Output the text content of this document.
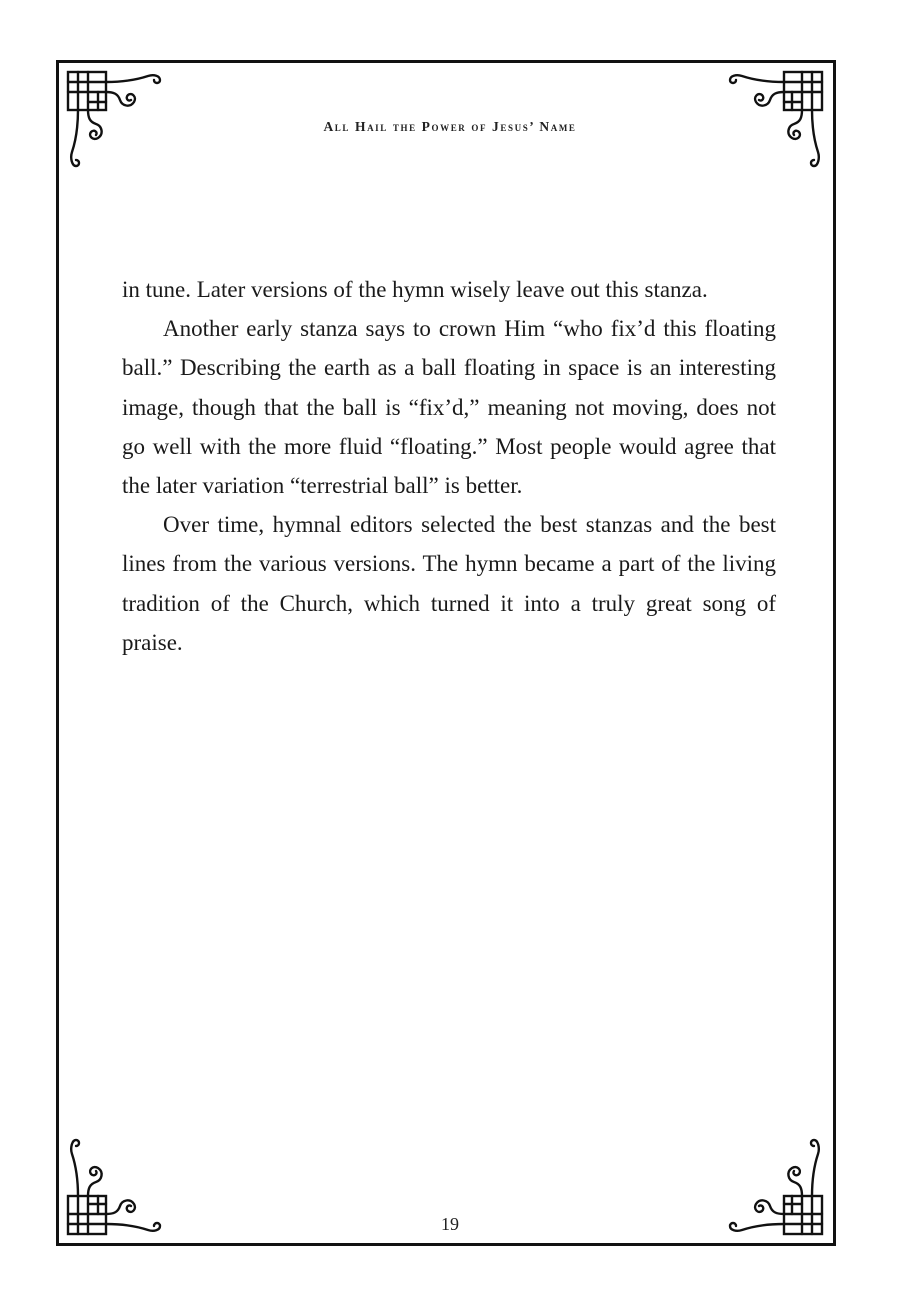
All Hail the Power of Jesus’ Name

in tune. Later versions of the hymn wisely leave out this stanza.

Another early stanza says to crown Him “who fix’d this floating ball.” Describing the earth as a ball floating in space is an interesting image, though that the ball is “fix’d,” meaning not moving, does not go well with the more fluid “floating.” Most people would agree that the later variation “terrestrial ball” is better.

Over time, hymnal editors selected the best stanzas and the best lines from the various versions. The hymn became a part of the living tradition of the Church, which turned it into a truly great song of praise.

19
